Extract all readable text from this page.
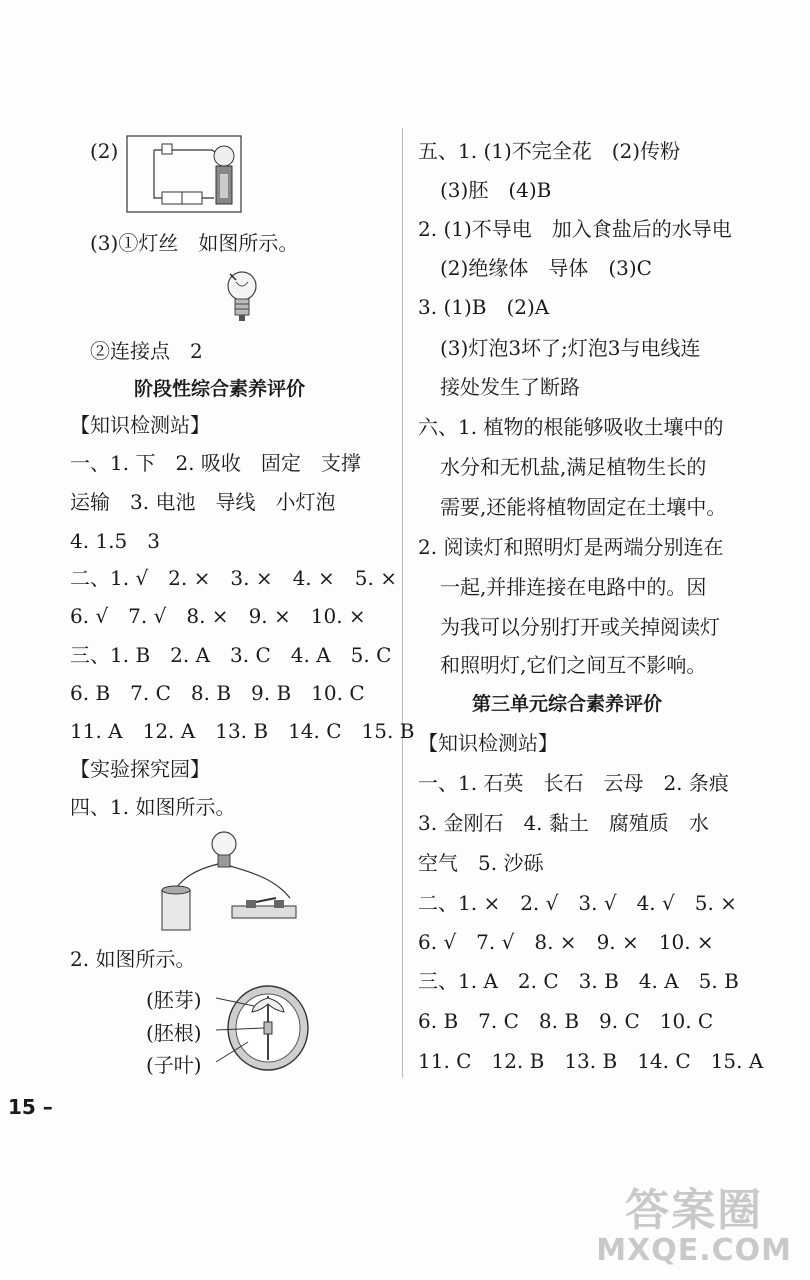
(2)
(3)①灯丝　如图所示。
②连接点　2
阶段性综合素养评价
【知识检测站】
一、1. 下　2. 吸收　固定　支撑
运输　3. 电池　导线　小灯泡
4. 1.5　3
二、1. √　2. ×　3. ×　4. ×　5. ×
6. √　7. √　8. ×　9. ×　10. ×
三、1. B　2. A　3. C　4. A　5. C
6. B　7. C　8. B　9. B　10. C
11. A　12. A　13. B　14. C　15. B
【实验探究园】
四、1. 如图所示。
2. 如图所示。
(胚芽)
(胚根)
(子叶)
五、1. (1)不完全花　(2)传粉
(3)胚　(4)B
2. (1)不导电　加入食盐后的水导电
(2)绝缘体　导体　(3)C
3. (1)B　(2)A
(3)灯泡3坏了;灯泡3与电线连
接处发生了断路
六、1. 植物的根能够吸收土壤中的
水分和无机盐,满足植物生长的
需要,还能将植物固定在土壤中。
2. 阅读灯和照明灯是两端分别连在
一起,并排连接在电路中的。因
为我可以分别打开或关掉阅读灯
和照明灯,它们之间互不影响。
第三单元综合素养评价
【知识检测站】
一、1. 石英　长石　云母　2. 条痕
3. 金刚石　4. 黏土　腐殖质　水
空气　5. 沙砾
二、1. ×　2. √　3. √　4. √　5. ×
6. √　7. √　8. ×　9. ×　10. ×
三、1. A　2. C　3. B　4. A　5. B
6. B　7. C　8. B　9. C　10. C
11. C　12. B　13. B　14. C　15. A
15 –
答案圈
MXQE.COM
